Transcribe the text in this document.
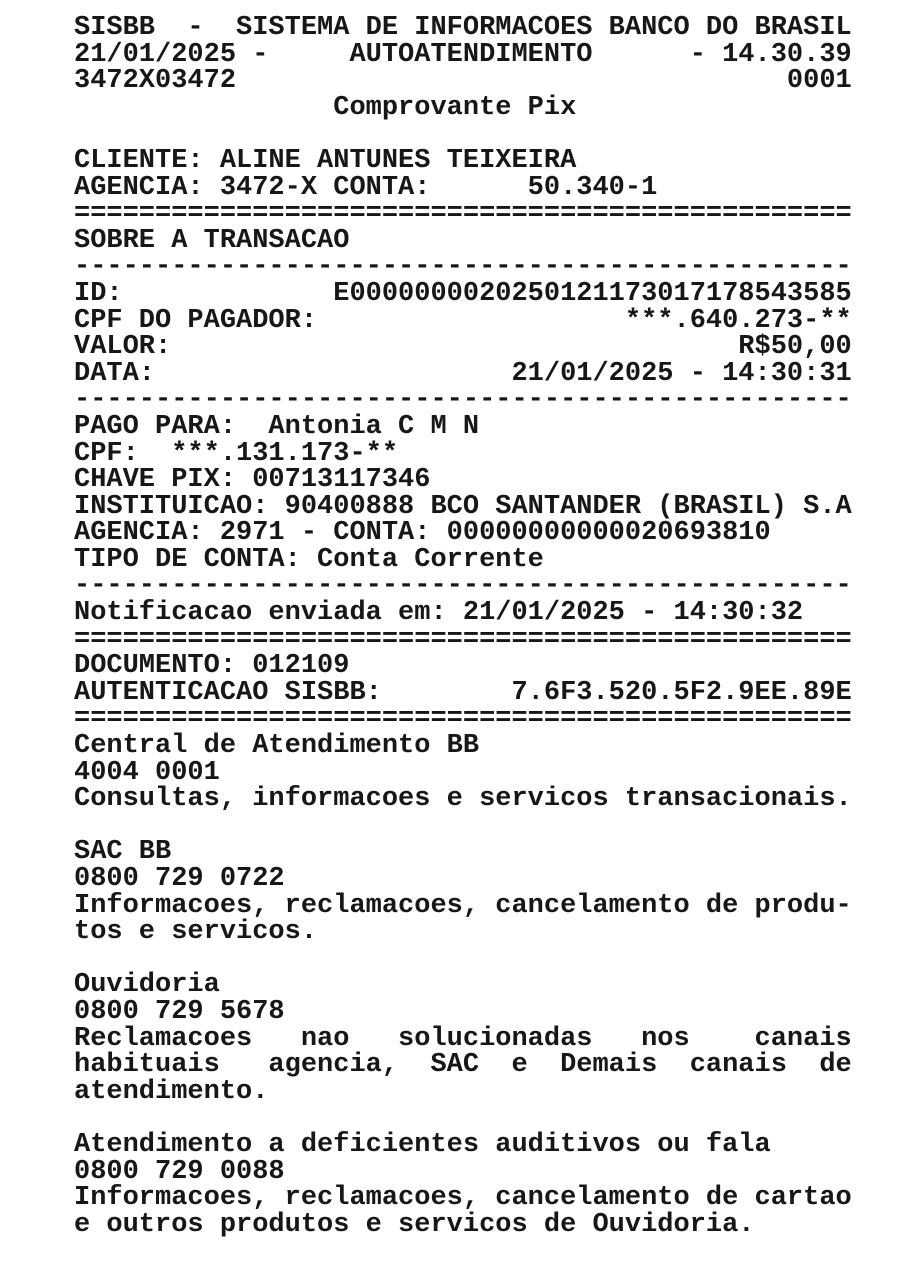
SISBB  -  SISTEMA DE INFORMACOES BANCO DO BRASIL
21/01/2025 -     AUTOATENDIMENTO      - 14.30.39
3472X03472                                  0001
Comprovante Pix
CLIENTE: ALINE ANTUNES TEIXEIRA
AGENCIA: 3472-X CONTA:      50.340-1
================================================
SOBRE A TRANSACAO
------------------------------------------------
ID:             E0000000020250121173017178543585
CPF DO PAGADOR:                   ***.640.273-**
VALOR:                                   R$50,00
DATA:                      21/01/2025 - 14:30:31
------------------------------------------------
PAGO PARA:  Antonia C M N
CPF:  ***.131.173-**
CHAVE PIX: 00713117346
INSTITUICAO: 90400888 BCO SANTANDER (BRASIL) S.A
AGENCIA: 2971 - CONTA: 00000000000020693810
TIPO DE CONTA: Conta Corrente
------------------------------------------------
Notificacao enviada em: 21/01/2025 - 14:30:32
================================================
DOCUMENTO: 012109
AUTENTICACAO SISBB:        7.6F3.520.5F2.9EE.89E
================================================
Central de Atendimento BB
4004 0001
Consultas, informacoes e servicos transacionais.
SAC BB
0800 729 0722
Informacoes, reclamacoes, cancelamento de produ-
tos e servicos.
Ouvidoria
0800 729 5678
Reclamacoes   nao   solucionadas   nos    canais
habituais   agencia,  SAC  e  Demais  canais  de
atendimento.
Atendimento a deficientes auditivos ou fala
0800 729 0088
Informacoes, reclamacoes, cancelamento de cartao
e outros produtos e servicos de Ouvidoria.
